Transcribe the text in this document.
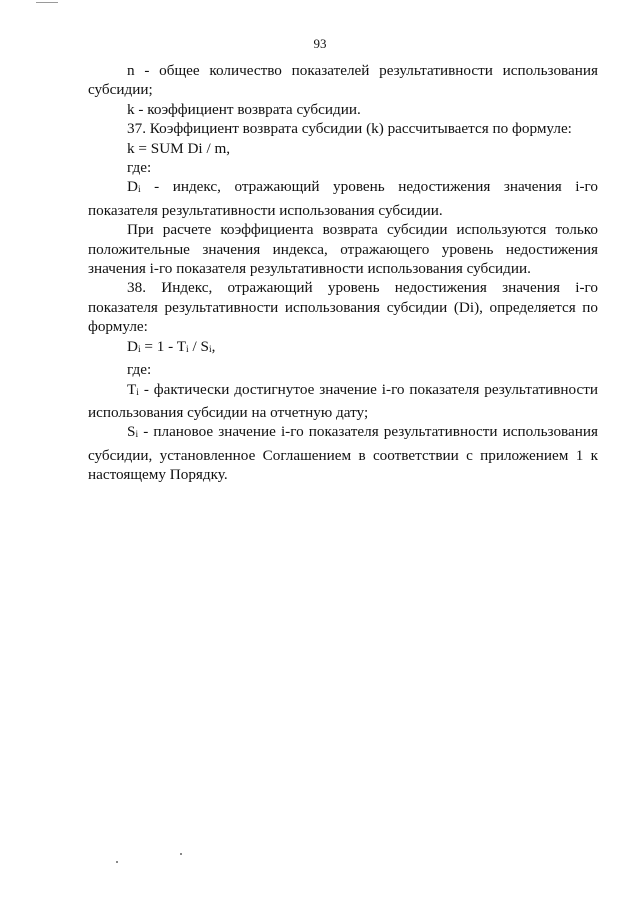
93

n - общее количество показателей результативности использования субсидии;

k - коэффициент возврата субсидии.

37. Коэффициент возврата субсидии (k) рассчитывается по формуле:

k = SUM Di / m,

где:

Di - индекс, отражающий уровень недостижения значения i-го показателя результативности использования субсидии.

При расчете коэффициента возврата субсидии используются только положительные значения индекса, отражающего уровень недостижения значения i-го показателя результативности использования субсидии.

38. Индекс, отражающий уровень недостижения значения i-го показателя результативности использования субсидии (Di), определяется по формуле:

Di = 1 - Ti / Si,

где:

Ti - фактически достигнутое значение i-го показателя результативности использования субсидии на отчетную дату;

Si - плановое значение i-го показателя результативности использования субсидии, установленное Соглашением в соответствии с приложением 1 к настоящему Порядку.
